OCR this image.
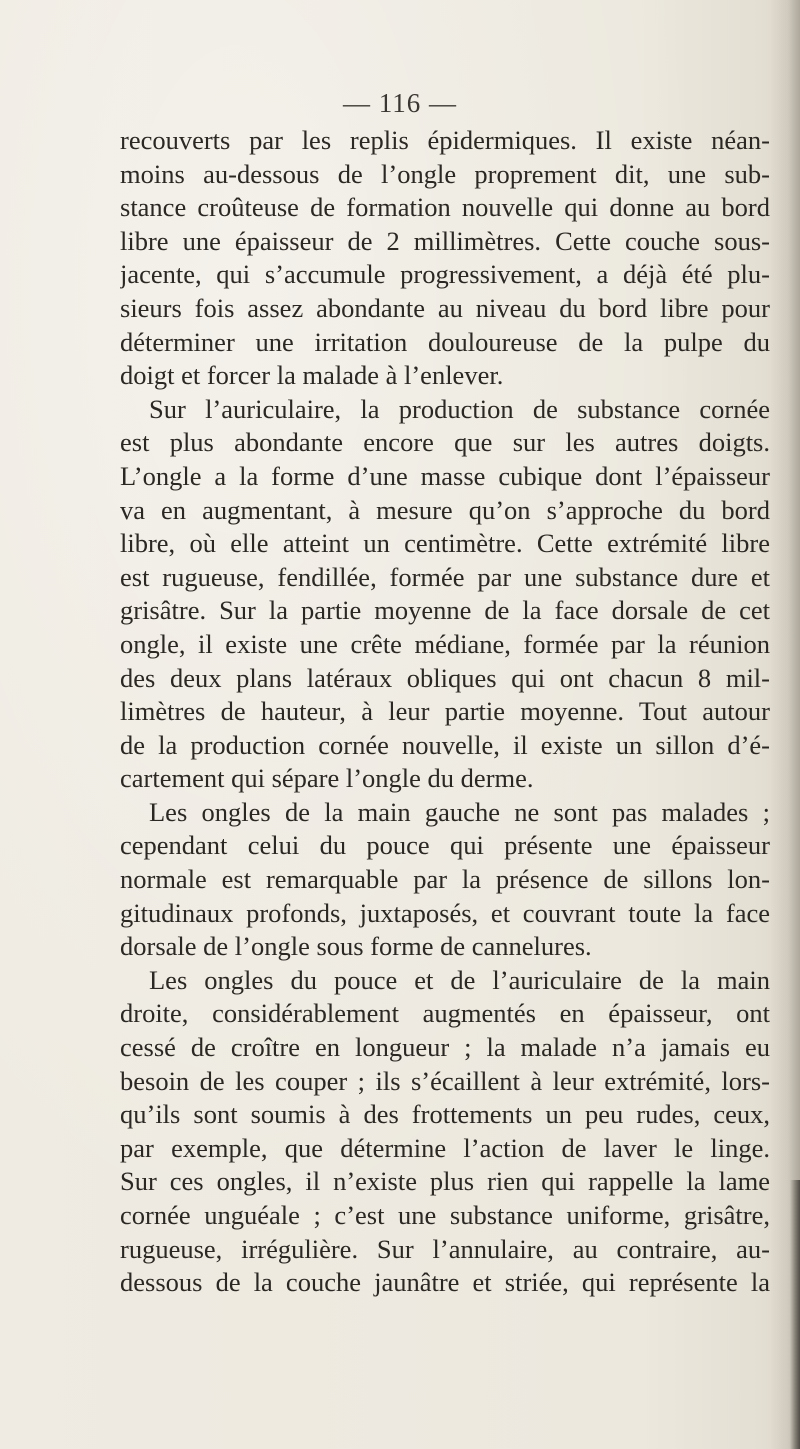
— 116 —
recouverts par les replis épidermiques. Il existe néan-
moins au-dessous de l’ongle proprement dit, une sub-
stance croûteuse de formation nouvelle qui donne au bord
libre une épaisseur de 2 millimètres. Cette couche sous-
jacente, qui s’accumule progressivement, a déjà été plu-
sieurs fois assez abondante au niveau du bord libre pour
déterminer une irritation douloureuse de la pulpe du
doigt et forcer la malade à l’enlever.
Sur l’auriculaire, la production de substance cornée
est plus abondante encore que sur les autres doigts.
L’ongle a la forme d’une masse cubique dont l’épaisseur
va en augmentant, à mesure qu’on s’approche du bord
libre, où elle atteint un centimètre. Cette extrémité libre
est rugueuse, fendillée, formée par une substance dure et
grisâtre. Sur la partie moyenne de la face dorsale de cet
ongle, il existe une crête médiane, formée par la réunion
des deux plans latéraux obliques qui ont chacun 8 mil-
limètres de hauteur, à leur partie moyenne. Tout autour
de la production cornée nouvelle, il existe un sillon d’é-
cartement qui sépare l’ongle du derme.
Les ongles de la main gauche ne sont pas malades ;
cependant celui du pouce qui présente une épaisseur
normale est remarquable par la présence de sillons lon-
gitudinaux profonds, juxtaposés, et couvrant toute la face
dorsale de l’ongle sous forme de cannelures.
Les ongles du pouce et de l’auriculaire de la main
droite, considérablement augmentés en épaisseur, ont
cessé de croître en longueur ; la malade n’a jamais eu
besoin de les couper ; ils s’écaillent à leur extrémité, lors-
qu’ils sont soumis à des frottements un peu rudes, ceux,
par exemple, que détermine l’action de laver le linge.
Sur ces ongles, il n’existe plus rien qui rappelle la lame
cornée unguéale ; c’est une substance uniforme, grisâtre,
rugueuse, irrégulière. Sur l’annulaire, au contraire, au-
dessous de la couche jaunâtre et striée, qui représente la
